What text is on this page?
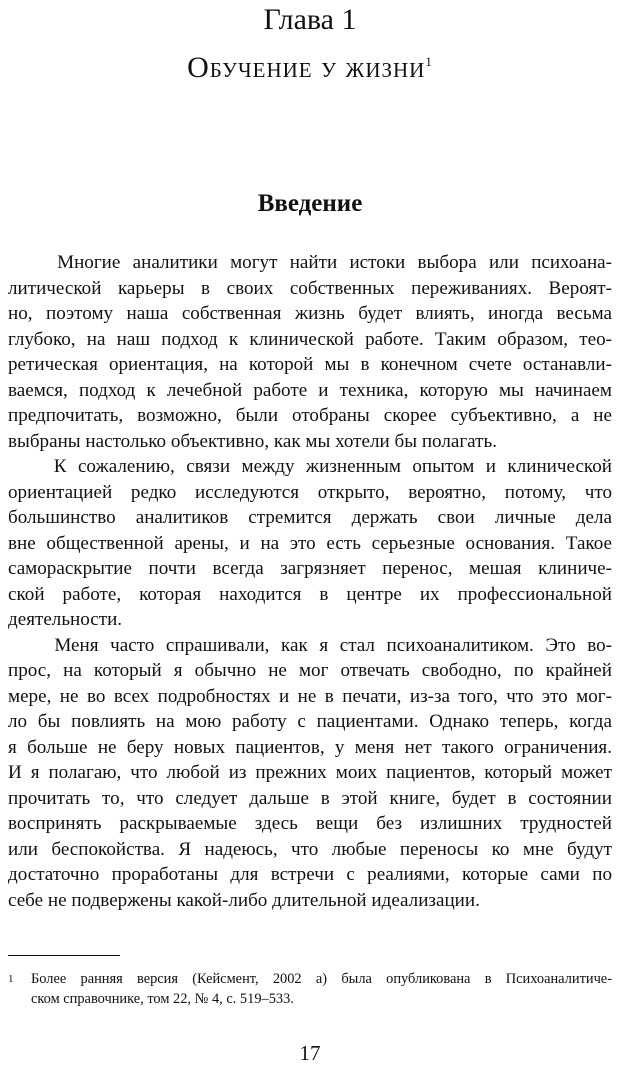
Глава 1
Обучение у жизни$^1$
Введение
Многие аналитики могут найти истоки выбора или психоана-
литической карьеры в своих собственных переживаниях. Вероят-
но, поэтому наша собственная жизнь будет влиять, иногда весьма
глубоко, на наш подход к клинической работе. Таким образом, тео-
ретическая ориентация, на которой мы в конечном счете останавли-
ваемся, подход к лечебной работе и техника, которую мы начинаем
предпочитать, возможно, были отобраны скорее субъективно, а не
выбраны настолько объективно, как мы хотели бы полагать.
К сожалению, связи между жизненным опытом и клинической
ориентацией редко исследуются открыто, вероятно, потому, что
большинство аналитиков стремится держать свои личные дела
вне общественной арены, и на это есть серьезные основания. Такое
самораскрытие почти всегда загрязняет перенос, мешая клиниче-
ской работе, которая находится в центре их профессиональной
деятельности.
Меня часто спрашивали, как я стал психоаналитиком. Это во-
прос, на который я обычно не мог отвечать свободно, по крайней
мере, не во всех подробностях и не в печати, из-за того, что это мог-
ло бы повлиять на мою работу с пациентами. Однако теперь, когда
я больше не беру новых пациентов, у меня нет такого ограничения.
И я полагаю, что любой из прежних моих пациентов, который может
прочитать то, что следует дальше в этой книге, будет в состоянии
воспринять раскрываемые здесь вещи без излишних трудностей
или беспокойства. Я надеюсь, что любые переносы ко мне будут
достаточно проработаны для встречи с реалиями, которые сами по
себе не подвержены какой-либо длительной идеализации.
1	Более ранняя версия (Кейсмент, 2002 а) была опубликована в Психоаналитиче-
ском справочнике, том 22, № 4, с. 519–533.
17
